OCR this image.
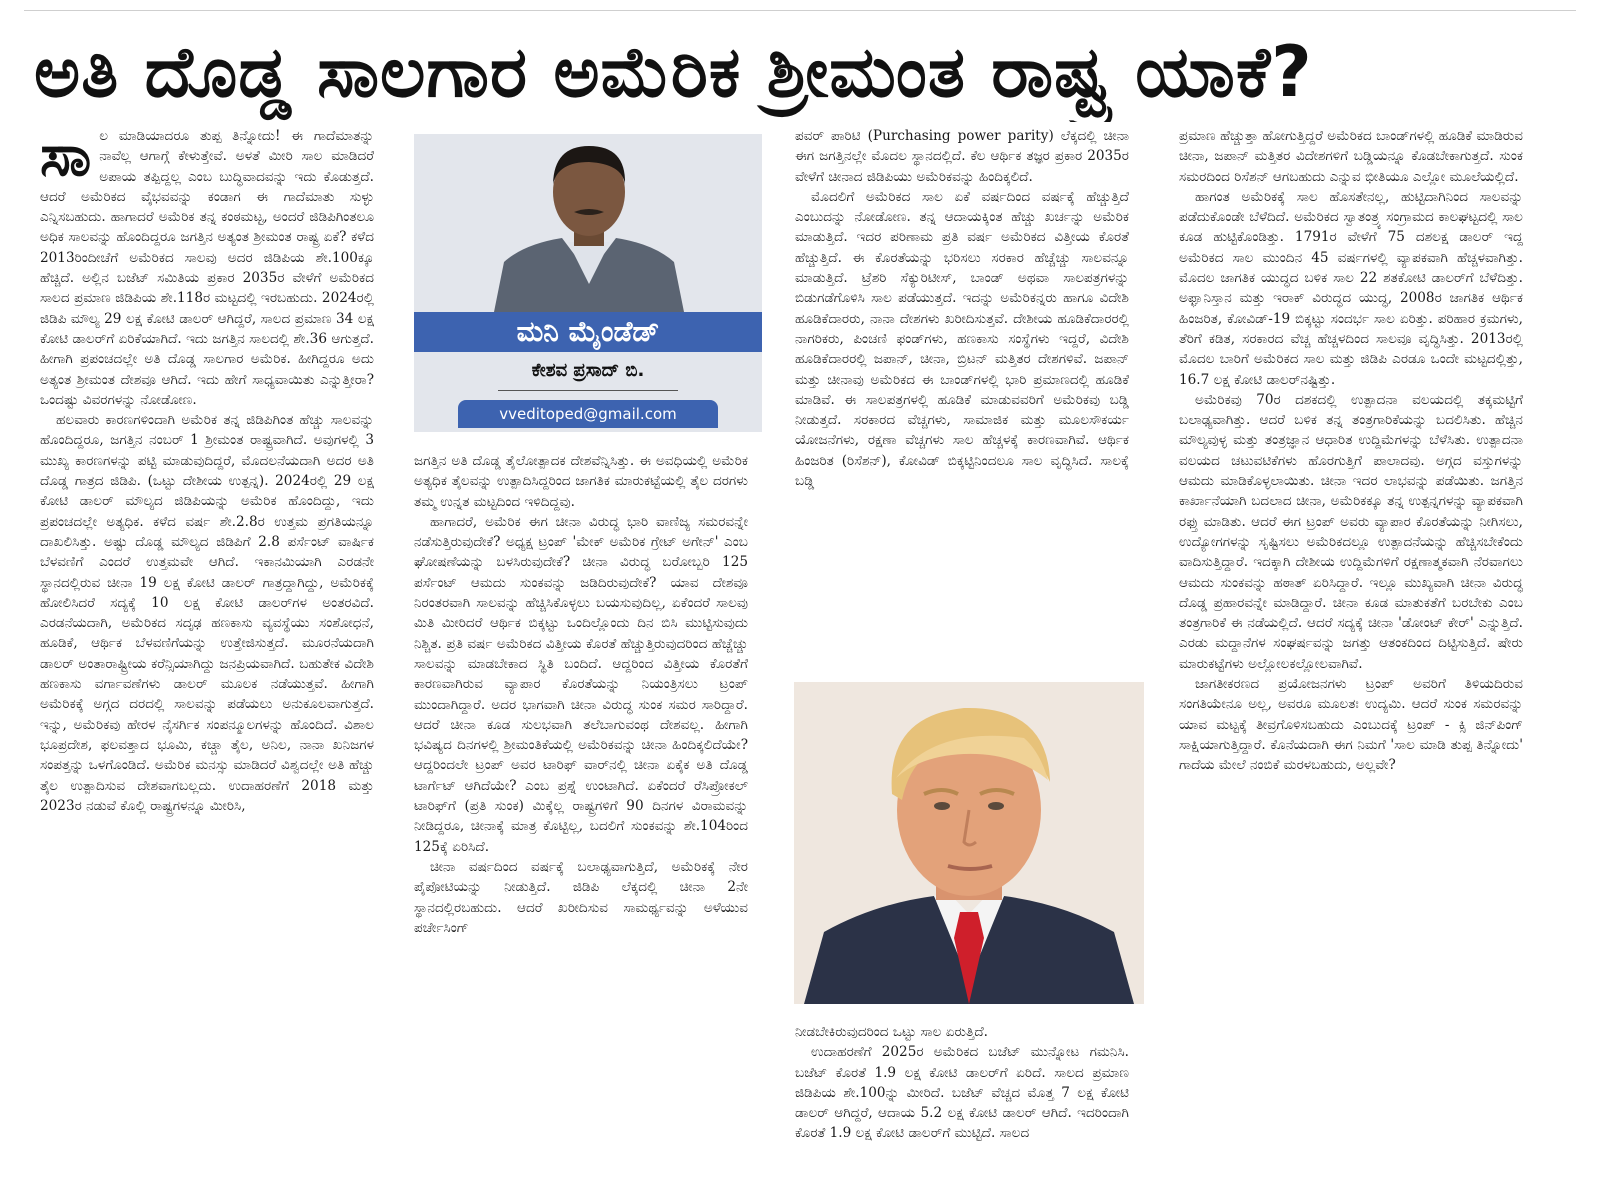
ಅತಿ ದೊಡ್ಡ ಸಾಲಗಾರ ಅಮೆರಿಕ ಶ್ರೀಮಂತ ರಾಷ್ಟ್ರ ಯಾಕೆ?
ಸಾ ಲ ಮಾಡಿಯಾದರೂ ತುಪ್ಪ ತಿನ್ನೋದು! ಈ ಗಾದೆಮಾತನ್ನು ನಾವೆಲ್ಲ ಆಗಾಗ್ಗೆ ಕೇಳುತ್ತೇವೆ. ಅಳತೆ ಮೀರಿ ಸಾಲ ಮಾಡಿದರೆ ಅಪಾಯ ತಪ್ಪಿದ್ದಲ್ಲ ಎಂಬ ಬುದ್ಧಿವಾದವನ್ನು ಇದು ಕೊಡುತ್ತದೆ. ಆದರೆ ಅಮೆರಿಕದ ವೈಭವವನ್ನು ಕಂಡಾಗ ಈ ಗಾದೆಮಾತು ಸುಳ್ಳು ಎನ್ನಿಸಬಹುದು. ಹಾಗಾದರೆ ಅಮೆರಿಕ ತನ್ನ ಕಂಠಮಟ್ಟ, ಅಂದರೆ ಜಿಡಿಪಿಗಿಂತಲೂ ಅಧಿಕ ಸಾಲವನ್ನು ಹೊಂದಿದ್ದರೂ ಜಗತ್ತಿನ ಅತ್ಯಂತ ಶ್ರೀಮಂತ ರಾಷ್ಟ್ರ ಏಕೆ? ಕಳೆದ 2013ರಿಂದೀಚೆಗೆ ಅಮೆರಿಕದ ಸಾಲವು ಅದರ ಜಿಡಿಪಿಯ ಶೇ.100ಕ್ಕೂ ಹೆಚ್ಚಿದೆ. ಅಲ್ಲಿನ ಬಜೆಟ್ ಸಮಿತಿಯ ಪ್ರಕಾರ 2035ರ ವೇಳೆಗೆ ಅಮೆರಿಕದ ಸಾಲದ ಪ್ರಮಾಣ ಜಿಡಿಪಿಯ ಶೇ.118ರ ಮಟ್ಟದಲ್ಲಿ ಇರಬಹುದು. 2024ರಲ್ಲಿ ಜಿಡಿಪಿ ಮೌಲ್ಯ 29 ಲಕ್ಷ ಕೋಟಿ ಡಾಲರ್ ಆಗಿದ್ದರೆ, ಸಾಲದ ಪ್ರಮಾಣ 34 ಲಕ್ಷ ಕೋಟಿ ಡಾಲರ್‌ಗೆ ಏರಿಕೆಯಾಗಿದೆ. ಇದು ಜಗತ್ತಿನ ಸಾಲದಲ್ಲಿ ಶೇ.36 ಆಗುತ್ತದೆ. ಹೀಗಾಗಿ ಪ್ರಪಂಚದಲ್ಲೇ ಅತಿ ದೊಡ್ಡ ಸಾಲಗಾರ ಅಮೆರಿಕ. ಹೀಗಿದ್ದರೂ ಅದು ಅತ್ಯಂತ ಶ್ರೀಮಂತ ದೇಶವೂ ಆಗಿದೆ. ಇದು ಹೇಗೆ ಸಾಧ್ಯವಾಯಿತು ಎನ್ನುತ್ತೀರಾ? ಒಂದಷ್ಟು ವಿವರಗಳನ್ನು ನೋಡೋಣ.

ಹಲವಾರು ಕಾರಣಗಳಿಂದಾಗಿ ಅಮೆರಿಕ ತನ್ನ ಜಿಡಿಪಿಗಿಂತ ಹೆಚ್ಚು ಸಾಲವನ್ನು ಹೊಂದಿದ್ದರೂ, ಜಗತ್ತಿನ ನಂಬರ್ 1 ಶ್ರೀಮಂತ ರಾಷ್ಟ್ರವಾಗಿದೆ. ಅವುಗಳಲ್ಲಿ 3 ಮುಖ್ಯ ಕಾರಣಗಳನ್ನು ಪಟ್ಟಿ ಮಾಡುವುದಿದ್ದರೆ, ಮೊದಲನೆಯದಾಗಿ ಅದರ ಅತಿ ದೊಡ್ಡ ಗಾತ್ರದ ಜಿಡಿಪಿ. (ಒಟ್ಟು ದೇಶೀಯ ಉತ್ಪನ್ನ). 2024ರಲ್ಲಿ 29 ಲಕ್ಷ ಕೋಟಿ ಡಾಲರ್ ಮೌಲ್ಯದ ಜಿಡಿಪಿಯನ್ನು ಅಮೆರಿಕ ಹೊಂದಿದ್ದು, ಇದು ಪ್ರಪಂಚದಲ್ಲೇ ಅತ್ಯಧಿಕ. ಕಳೆದ ವರ್ಷ ಶೇ.2.8ರ ಉತ್ತಮ ಪ್ರಗತಿಯನ್ನೂ ದಾಖಲಿಸಿತ್ತು. ಅಷ್ಟು ದೊಡ್ಡ ಮೌಲ್ಯದ ಜಿಡಿಪಿಗೆ 2.8 ಪರ್ಸೆಂಟ್ ವಾರ್ಷಿಕ ಬೆಳವಣಿಗೆ ಎಂದರೆ ಉತ್ತಮವೇ ಆಗಿದೆ. ಇಕಾನಮಿಯಾಗಿ ಎರಡನೇ ಸ್ಥಾನದಲ್ಲಿರುವ ಚೀನಾ 19 ಲಕ್ಷ ಕೋಟಿ ಡಾಲರ್ ಗಾತ್ರದ್ದಾಗಿದ್ದು, ಅಮೆರಿಕಕ್ಕೆ ಹೋಲಿಸಿದರೆ ಸದ್ಯಕ್ಕೆ 10 ಲಕ್ಷ ಕೋಟಿ ಡಾಲರ್‌ಗಳ ಅಂತರವಿದೆ. ಎರಡನೆಯದಾಗಿ, ಅಮೆರಿಕದ ಸದೃಢ ಹಣಕಾಸು ವ್ಯವಸ್ಥೆಯು ಸಂಶೋಧನೆ, ಹೂಡಿಕೆ, ಆರ್ಥಿಕ ಬೆಳವಣಿಗೆಯನ್ನು ಉತ್ತೇಜಿಸುತ್ತದೆ. ಮೂರನೆಯದಾಗಿ ಡಾಲರ್ ಅಂತಾರಾಷ್ಟ್ರೀಯ ಕರೆನ್ಸಿಯಾಗಿದ್ದು ಜನಪ್ರಿಯವಾಗಿದೆ. ಬಹುತೇಕ ವಿದೇಶಿ ಹಣಕಾಸು ವರ್ಗಾವಣೆಗಳು ಡಾಲರ್ ಮೂಲಕ ನಡೆಯುತ್ತವೆ. ಹೀಗಾಗಿ ಅಮೆರಿಕಕ್ಕೆ ಅಗ್ಗದ ದರದಲ್ಲಿ ಸಾಲವನ್ನು ಪಡೆಯಲು ಅನುಕೂಲವಾಗುತ್ತದೆ. ಇನ್ನು, ಅಮೆರಿಕವು ಹೇರಳ ನೈಸರ್ಗಿಕ ಸಂಪನ್ಮೂಲಗಳನ್ನು ಹೊಂದಿದೆ. ವಿಶಾಲ ಭೂಪ್ರದೇಶ, ಫಲವತ್ತಾದ ಭೂಮಿ, ಕಚ್ಚಾ ತೈಲ, ಅನಿಲ, ನಾನಾ ಖನಿಜಗಳ ಸಂಪತ್ತನ್ನು ಒಳಗೊಂಡಿದೆ. ಅಮೆರಿಕ ಮನಸ್ಸು ಮಾಡಿದರೆ ವಿಶ್ವದಲ್ಲೇ ಅತಿ ಹೆಚ್ಚು ತೈಲ ಉತ್ಪಾದಿಸುವ ದೇಶವಾಗಬಲ್ಲದು. ಉದಾಹರಣೆಗೆ 2018 ಮತ್ತು 2023ರ ನಡುವೆ ಕೊಲ್ಲಿ ರಾಷ್ಟ್ರಗಳನ್ನೂ ಮೀರಿಸಿ,

ಮನಿ ಮೈಂಡೆಡ್
ಕೇಶವ ಪ್ರಸಾದ್ ಬಿ.
vveditoped@gmail.com

ಜಗತ್ತಿನ ಅತಿ ದೊಡ್ಡ ತೈಲೋತ್ಪಾದಕ ದೇಶವೆನ್ನಿಸಿತ್ತು. ಈ ಅವಧಿಯಲ್ಲಿ ಅಮೆರಿಕ ಅತ್ಯಧಿಕ ತೈಲವನ್ನು ಉತ್ಪಾದಿಸಿದ್ದರಿಂದ ಜಾಗತಿಕ ಮಾರುಕಟ್ಟೆಯಲ್ಲಿ ತೈಲ ದರಗಳು ತಮ್ಮ ಉನ್ನತ ಮಟ್ಟದಿಂದ ಇಳಿದಿದ್ದವು.

ಹಾಗಾದರೆ, ಅಮೆರಿಕ ಈಗ ಚೀನಾ ವಿರುದ್ಧ ಭಾರಿ ವಾಣಿಜ್ಯ ಸಮರವನ್ನೇ ನಡೆಸುತ್ತಿರುವುದೇಕೆ? ಅಧ್ಯಕ್ಷ ಟ್ರಂಪ್ 'ಮೇಕ್ ಅಮೆರಿಕ ಗ್ರೇಟ್ ಅಗೇನ್' ಎಂಬ ಘೋಷಣೆಯನ್ನು ಬಳಸಿರುವುದೇಕೆ? ಚೀನಾ ವಿರುದ್ಧ ಬರೋಬ್ಬರಿ 125 ಪರ್ಸೆಂಟ್ ಆಮದು ಸುಂಕವನ್ನು ಜಡಿದಿರುವುದೇಕೆ? ಯಾವ ದೇಶವೂ ನಿರಂತರವಾಗಿ ಸಾಲವನ್ನು ಹೆಚ್ಚಿಸಿಕೊಳ್ಳಲು ಬಯಸುವುದಿಲ್ಲ, ಏಕೆಂದರೆ ಸಾಲವು ಮಿತಿ ಮೀರಿದರೆ ಆರ್ಥಿಕ ಬಿಕ್ಕಟ್ಟು ಒಂದಿಲ್ಲೊಂದು ದಿನ ಬಿಸಿ ಮುಟ್ಟಿಸುವುದು ನಿಶ್ಚಿತ. ಪ್ರತಿ ವರ್ಷ ಅಮೆರಿಕದ ವಿತ್ತೀಯ ಕೊರತೆ ಹೆಚ್ಚುತ್ತಿರುವುದರಿಂದ ಹೆಚ್ಚೆಚ್ಚು ಸಾಲವನ್ನು ಮಾಡಬೇಕಾದ ಸ್ಥಿತಿ ಬಂದಿದೆ. ಆದ್ದರಿಂದ ವಿತ್ತೀಯ ಕೊರತೆಗೆ ಕಾರಣವಾಗಿರುವ ವ್ಯಾಪಾರ ಕೊರತೆಯನ್ನು ನಿಯಂತ್ರಿಸಲು ಟ್ರಂಪ್ ಮುಂದಾಗಿದ್ದಾರೆ. ಅದರ ಭಾಗವಾಗಿ ಚೀನಾ ವಿರುದ್ಧ ಸುಂಕ ಸಮರ ಸಾರಿದ್ದಾರೆ. ಆದರೆ ಚೀನಾ ಕೂಡ ಸುಲಭವಾಗಿ ತಲೆಬಾಗುವಂಥ ದೇಶವಲ್ಲ. ಹೀಗಾಗಿ ಭವಿಷ್ಯದ ದಿನಗಳಲ್ಲಿ ಶ್ರೀಮಂತಿಕೆಯಲ್ಲಿ ಅಮೆರಿಕವನ್ನು ಚೀನಾ ಹಿಂದಿಕ್ಕಲಿದೆಯೇ? ಆದ್ದರಿಂದಲೇ ಟ್ರಂಪ್ ಅವರ ಟಾರಿಫ್ ವಾರ್‌ನಲ್ಲಿ ಚೀನಾ ಏಕೈಕ ಅತಿ ದೊಡ್ಡ ಟಾರ್ಗೆಟ್ ಆಗಿದೆಯೇ? ಎಂಬ ಪ್ರಶ್ನೆ ಉಂಟಾಗಿದೆ. ಏಕೆಂದರೆ ರೆಸಿಪ್ರೋಕಲ್ ಟಾರಿಫ್‌ಗೆ (ಪ್ರತಿ ಸುಂಕ) ಮಿಕ್ಕೆಲ್ಲ ರಾಷ್ಟ್ರಗಳಿಗೆ 90 ದಿನಗಳ ವಿರಾಮವನ್ನು ನೀಡಿದ್ದರೂ, ಚೀನಾಕ್ಕೆ ಮಾತ್ರ ಕೊಟ್ಟಿಲ್ಲ, ಬದಲಿಗೆ ಸುಂಕವನ್ನು ಶೇ.104ರಿಂದ 125ಕ್ಕೆ ಏರಿಸಿದೆ.

ಚೀನಾ ವರ್ಷದಿಂದ ವರ್ಷಕ್ಕೆ ಬಲಾಢ್ಯವಾಗುತ್ತಿದೆ, ಅಮೆರಿಕಕ್ಕೆ ನೇರ ಪೈಪೋಟಿಯನ್ನು ನೀಡುತ್ತಿದೆ. ಜಿಡಿಪಿ ಲೆಕ್ಕದಲ್ಲಿ ಚೀನಾ 2ನೇ ಸ್ಥಾನದಲ್ಲಿರಬಹುದು. ಆದರೆ ಖರೀದಿಸುವ ಸಾಮರ್ಥ್ಯವನ್ನು ಅಳೆಯುವ ಪರ್ಚೇಸಿಂಗ್

ಪವರ್ ಪಾರಿಟಿ (Purchasing power parity) ಲೆಕ್ಕದಲ್ಲಿ ಚೀನಾ ಈಗ ಜಗತ್ತಿನಲ್ಲೇ ಮೊದಲ ಸ್ಥಾನದಲ್ಲಿದೆ. ಕೆಲ ಆರ್ಥಿಕ ತಜ್ಞರ ಪ್ರಕಾರ 2035ರ ವೇಳೆಗೆ ಚೀನಾದ ಜಿಡಿಪಿಯು ಅಮೆರಿಕವನ್ನು ಹಿಂದಿಕ್ಕಲಿದೆ.

ಮೊದಲಿಗೆ ಅಮೆರಿಕದ ಸಾಲ ಏಕೆ ವರ್ಷದಿಂದ ವರ್ಷಕ್ಕೆ ಹೆಚ್ಚುತ್ತಿದೆ ಎಂಬುದನ್ನು ನೋಡೋಣ. ತನ್ನ ಆದಾಯಕ್ಕಿಂತ ಹೆಚ್ಚು ಖರ್ಚನ್ನು ಅಮೆರಿಕ ಮಾಡುತ್ತಿದೆ. ಇದರ ಪರಿಣಾಮ ಪ್ರತಿ ವರ್ಷ ಅಮೆರಿಕದ ವಿತ್ತೀಯ ಕೊರತೆ ಹೆಚ್ಚುತ್ತಿದೆ. ಈ ಕೊರತೆಯನ್ನು ಭರಿಸಲು ಸರಕಾರ ಹೆಚ್ಚೆಚ್ಚು ಸಾಲವನ್ನೂ ಮಾಡುತ್ತಿದೆ. ಟ್ರೆಶರಿ ಸೆಕ್ಯುರಿಟೀಸ್, ಬಾಂಡ್ ಅಥವಾ ಸಾಲಪತ್ರಗಳನ್ನು ಬಿಡುಗಡೆಗೊಳಿಸಿ ಸಾಲ ಪಡೆಯುತ್ತದೆ. ಇದನ್ನು ಅಮೆರಿಕನ್ನರು ಹಾಗೂ ವಿದೇಶಿ ಹೂಡಿಕೆದಾರರು, ನಾನಾ ದೇಶಗಳು ಖರೀದಿಸುತ್ತವೆ. ದೇಶೀಯ ಹೂಡಿಕೆದಾರರಲ್ಲಿ ನಾಗರಿಕರು, ಪಿಂಚಣಿ ಫಂಡ್‌ಗಳು, ಹಣಕಾಸು ಸಂಸ್ಥೆಗಳು ಇದ್ದರೆ, ವಿದೇಶಿ ಹೂಡಿಕೆದಾರರಲ್ಲಿ ಜಪಾನ್, ಚೀನಾ, ಬ್ರಿಟನ್ ಮತ್ತಿತರ ದೇಶಗಳಿವೆ. ಜಪಾನ್ ಮತ್ತು ಚೀನಾವು ಅಮೆರಿಕದ ಈ ಬಾಂಡ್‌ಗಳಲ್ಲಿ ಭಾರಿ ಪ್ರಮಾಣದಲ್ಲಿ ಹೂಡಿಕೆ ಮಾಡಿವೆ. ಈ ಸಾಲಪತ್ರಗಳಲ್ಲಿ ಹೂಡಿಕೆ ಮಾಡುವವರಿಗೆ ಅಮೆರಿಕವು ಬಡ್ಡಿ ನೀಡುತ್ತದೆ. ಸರಕಾರದ ವೆಚ್ಚಗಳು, ಸಾಮಾಜಿಕ ಮತ್ತು ಮೂಲಸೌಕರ್ಯ ಯೋಜನೆಗಳು, ರಕ್ಷಣಾ ವೆಚ್ಚಗಳು ಸಾಲ ಹೆಚ್ಚಳಕ್ಕೆ ಕಾರಣವಾಗಿವೆ. ಆರ್ಥಿಕ ಹಿಂಜರಿತ (ರಿಸೆಶನ್), ಕೋವಿಡ್ ಬಿಕ್ಕಟ್ಟಿನಿಂದಲೂ ಸಾಲ ವೃದ್ಧಿಸಿದೆ. ಸಾಲಕ್ಕೆ ಬಡ್ಡಿ

ನೀಡಬೇಕಿರುವುದರಿಂದ ಒಟ್ಟು ಸಾಲ ಏರುತ್ತಿದೆ.

ಉದಾಹರಣೆಗೆ 2025ರ ಅಮೆರಿಕದ ಬಜೆಟ್ ಮುನ್ನೋಟ ಗಮನಿಸಿ. ಬಜೆಟ್ ಕೊರತೆ 1.9 ಲಕ್ಷ ಕೋಟಿ ಡಾಲರ್‌ಗೆ ಏರಿದೆ. ಸಾಲದ ಪ್ರಮಾಣ ಜಿಡಿಪಿಯ ಶೇ.100ನ್ನು ಮೀರಿದೆ. ಬಜೆಟ್ ವೆಚ್ಚದ ಮೊತ್ತ 7 ಲಕ್ಷ ಕೋಟಿ ಡಾಲರ್ ಆಗಿದ್ದರೆ, ಆದಾಯ 5.2 ಲಕ್ಷ ಕೋಟಿ ಡಾಲರ್ ಆಗಿದೆ. ಇದರಿಂದಾಗಿ ಕೊರತೆ 1.9 ಲಕ್ಷ ಕೋಟಿ ಡಾಲರ್‌ಗೆ ಮುಟ್ಟಿದೆ. ಸಾಲದ

ಪ್ರಮಾಣ ಹೆಚ್ಚುತ್ತಾ ಹೋಗುತ್ತಿದ್ದರೆ ಅಮೆರಿಕದ ಬಾಂಡ್‌ಗಳಲ್ಲಿ ಹೂಡಿಕೆ ಮಾಡಿರುವ ಚೀನಾ, ಜಪಾನ್ ಮತ್ತಿತರ ವಿದೇಶಗಳಿಗೆ ಬಡ್ಡಿಯನ್ನೂ ಕೊಡಬೇಕಾಗುತ್ತದೆ. ಸುಂಕ ಸಮರದಿಂದ ರಿಸೆಶನ್ ಆಗಬಹುದು ಎನ್ನುವ ಭೀತಿಯೂ ಎಲ್ಲೋ ಮೂಲೆಯಲ್ಲಿದೆ.

ಹಾಗಂತ ಅಮೆರಿಕಕ್ಕೆ ಸಾಲ ಹೊಸತೇನಲ್ಲ, ಹುಟ್ಟಿದಾಗಿನಿಂದ ಸಾಲವನ್ನು ಪಡೆದುಕೊಂಡೇ ಬೆಳೆದಿದೆ. ಅಮೆರಿಕದ ಸ್ವಾತಂತ್ರ್ಯ ಸಂಗ್ರಾಮದ ಕಾಲಘಟ್ಟದಲ್ಲಿ ಸಾಲ ಕೂಡ ಹುಟ್ಟಿಕೊಂಡಿತ್ತು. 1791ರ ವೇಳೆಗೆ 75 ದಶಲಕ್ಷ ಡಾಲರ್ ಇದ್ದ ಅಮೆರಿಕದ ಸಾಲ ಮುಂದಿನ 45 ವರ್ಷಗಳಲ್ಲಿ ವ್ಯಾಪಕವಾಗಿ ಹೆಚ್ಚಳವಾಗಿತ್ತು. ಮೊದಲ ಜಾಗತಿಕ ಯುದ್ಧದ ಬಳಿಕ ಸಾಲ 22 ಶತಕೋಟಿ ಡಾಲರ್‌ಗೆ ಬೆಳೆದಿತ್ತು. ಅಫ್ಘಾನಿಸ್ತಾನ ಮತ್ತು ಇರಾಕ್ ವಿರುದ್ಧದ ಯುದ್ಧ, 2008ರ ಜಾಗತಿಕ ಆರ್ಥಿಕ ಹಿಂಜರಿತ, ಕೋವಿಡ್-19 ಬಿಕ್ಕಟ್ಟು ಸಂದರ್ಭ ಸಾಲ ಏರಿತ್ತು. ಪರಿಹಾರ ಕ್ರಮಗಳು, ತೆರಿಗೆ ಕಡಿತ, ಸರಕಾರದ ವೆಚ್ಚ ಹೆಚ್ಚಳದಿಂದ ಸಾಲವೂ ವೃದ್ಧಿಸಿತ್ತು. 2013ರಲ್ಲಿ ಮೊದಲ ಬಾರಿಗೆ ಅಮೆರಿಕದ ಸಾಲ ಮತ್ತು ಜಿಡಿಪಿ ಎರಡೂ ಒಂದೇ ಮಟ್ಟದಲ್ಲಿತ್ತು, 16.7 ಲಕ್ಷ ಕೋಟಿ ಡಾಲರ್‌ನಷ್ಟಿತ್ತು.

ಅಮೆರಿಕವು 70ರ ದಶಕದಲ್ಲಿ ಉತ್ಪಾದನಾ ವಲಯದಲ್ಲಿ ತಕ್ಕಮಟ್ಟಿಗೆ ಬಲಾಢ್ಯವಾಗಿತ್ತು. ಆದರೆ ಬಳಿಕ ತನ್ನ ತಂತ್ರಗಾರಿಕೆಯನ್ನು ಬದಲಿಸಿತು. ಹೆಚ್ಚಿನ ಮೌಲ್ಯವುಳ್ಳ ಮತ್ತು ತಂತ್ರಜ್ಞಾನ ಆಧಾರಿತ ಉದ್ದಿಮೆಗಳನ್ನು ಬೆಳೆಸಿತು. ಉತ್ಪಾದನಾ ವಲಯದ ಚಟುವಟಿಕೆಗಳು ಹೊರಗುತ್ತಿಗೆ ಪಾಲಾದವು. ಅಗ್ಗದ ವಸ್ತುಗಳನ್ನು ಆಮದು ಮಾಡಿಕೊಳ್ಳಲಾಯಿತು. ಚೀನಾ ಇದರ ಲಾಭವನ್ನು ಪಡೆಯಿತು. ಜಗತ್ತಿನ ಕಾರ್ಖಾನೆಯಾಗಿ ಬದಲಾದ ಚೀನಾ, ಅಮೆರಿಕಕ್ಕೂ ತನ್ನ ಉತ್ಪನ್ನಗಳನ್ನು ವ್ಯಾಪಕವಾಗಿ ರಫ್ತು ಮಾಡಿತು. ಆದರೆ ಈಗ ಟ್ರಂಪ್ ಅವರು ವ್ಯಾಪಾರ ಕೊರತೆಯನ್ನು ನೀಗಿಸಲು, ಉದ್ಯೋಗಗಳನ್ನು ಸೃಷ್ಟಿಸಲು ಅಮೆರಿಕದಲ್ಲೂ ಉತ್ಪಾದನೆಯನ್ನು ಹೆಚ್ಚಿಸಬೇಕೆಂದು ವಾದಿಸುತ್ತಿದ್ದಾರೆ. ಇದಕ್ಕಾಗಿ ದೇಶೀಯ ಉದ್ದಿಮೆಗಳಿಗೆ ರಕ್ಷಣಾತ್ಮಕವಾಗಿ ನೆರವಾಗಲು ಆಮದು ಸುಂಕವನ್ನು ಹಠಾತ್ ಏರಿಸಿದ್ದಾರೆ. ಇಲ್ಲೂ ಮುಖ್ಯವಾಗಿ ಚೀನಾ ವಿರುದ್ಧ ದೊಡ್ಡ ಪ್ರಹಾರವನ್ನೇ ಮಾಡಿದ್ದಾರೆ. ಚೀನಾ ಕೂಡ ಮಾತುಕತೆಗೆ ಬರಬೇಕು ಎಂಬ ತಂತ್ರಗಾರಿಕೆ ಈ ನಡೆಯಲ್ಲಿದೆ. ಆದರೆ ಸದ್ಯಕ್ಕೆ ಚೀನಾ 'ಡೋಂಟ್ ಕೇರ್' ಎನ್ನುತ್ತಿದೆ. ಎರಡು ಮದ್ದಾನೆಗಳ ಸಂಘರ್ಷವನ್ನು ಜಗತ್ತು ಆತಂಕದಿಂದ ದಿಟ್ಟಿಸುತ್ತಿದೆ. ಷೇರು ಮಾರುಕಟ್ಟೆಗಳು ಅಲ್ಲೋಲಕಲ್ಲೋಲವಾಗಿವೆ.

ಜಾಗತೀಕರಣದ ಪ್ರಯೋಜನಗಳು ಟ್ರಂಪ್ ಅವರಿಗೆ ತಿಳಿಯದಿರುವ ಸಂಗತಿಯೇನೂ ಅಲ್ಲ, ಅವರೂ ಮೂಲತಃ ಉದ್ಯಮಿ. ಆದರೆ ಸುಂಕ ಸಮರವನ್ನು ಯಾವ ಮಟ್ಟಕ್ಕೆ ತೀವ್ರಗೊಳಿಸಬಹುದು ಎಂಬುದಕ್ಕೆ ಟ್ರಂಪ್ - ಕ್ಸಿ ಜಿನ್‌ಪಿಂಗ್ ಸಾಕ್ಷಿಯಾಗುತ್ತಿದ್ದಾರೆ. ಕೊನೆಯದಾಗಿ ಈಗ ನಿಮಗೆ 'ಸಾಲ ಮಾಡಿ ತುಪ್ಪ ತಿನ್ನೋದು' ಗಾದೆಯ ಮೇಲೆ ನಂಬಿಕೆ ಮರಳಬಹುದು, ಅಲ್ಲವೇ?
